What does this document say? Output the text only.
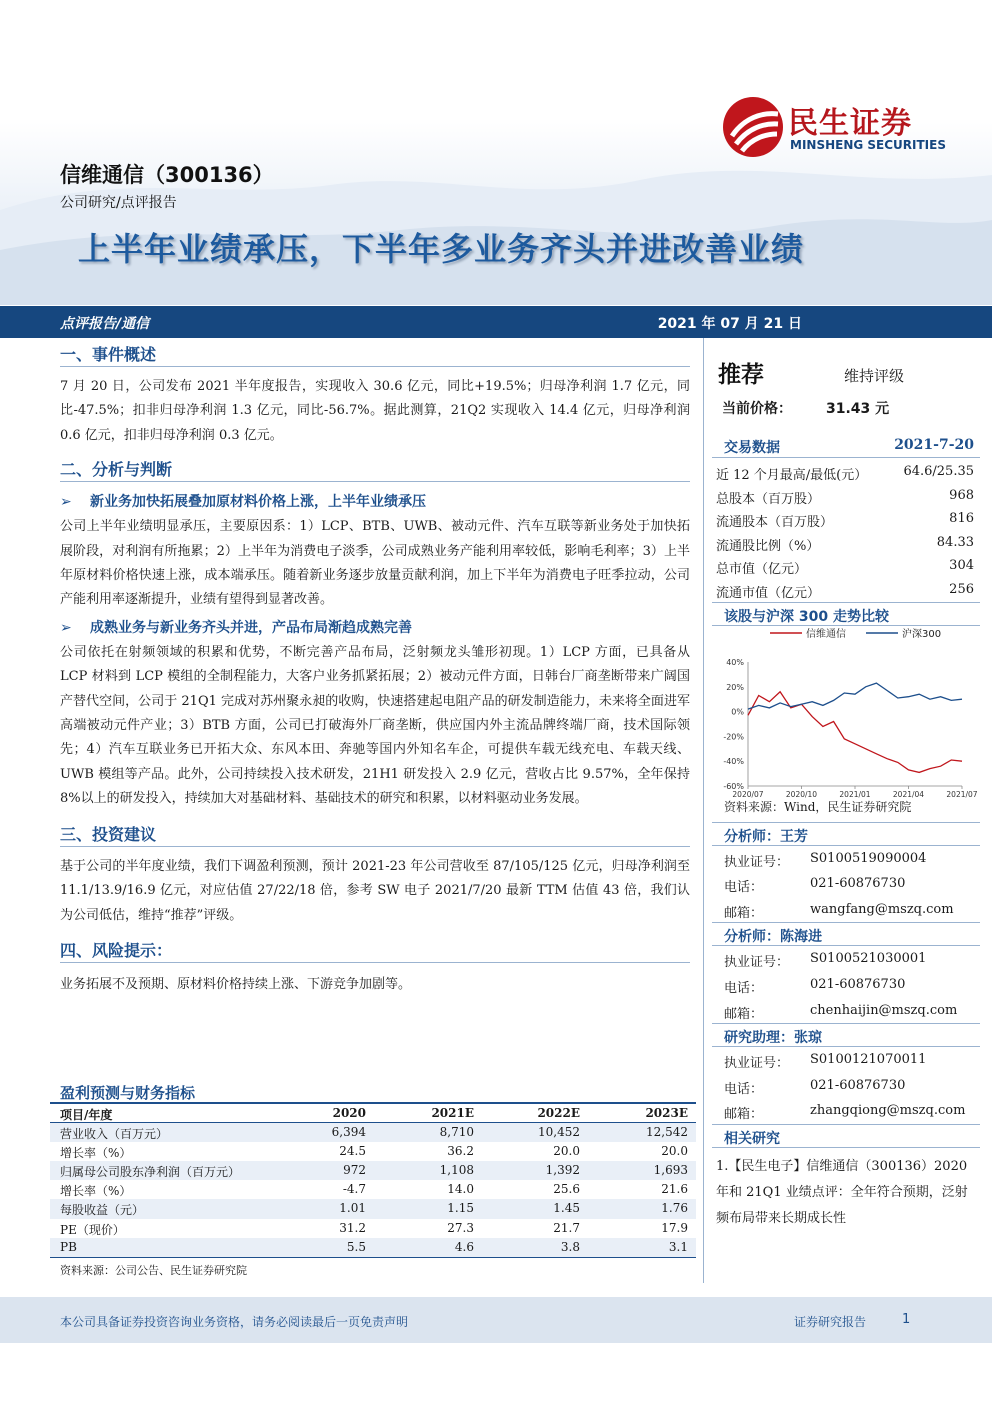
民生证券
MINSHENG SECURITIES
信维通信（300136）
公司研究/点评报告
上半年业绩承压，下半年多业务齐头并进改善业绩
点评报告/通信	2021 年 07 月 21 日
一、事件概述
7 月 20 日，公司发布 2021 半年度报告，实现收入 30.6 亿元，同比+19.5%；归母净利润 1.7 亿元，同比-47.5%；扣非归母净利润 1.3 亿元，同比-56.7%。据此测算，21Q2 实现收入 14.4 亿元，归母净利润 0.6 亿元，扣非归母净利润 0.3 亿元。
二、分析与判断
➢ 新业务加快拓展叠加原材料价格上涨，上半年业绩承压
公司上半年业绩明显承压，主要原因系：1）LCP、BTB、UWB、被动元件、汽车互联等新业务处于加快拓展阶段，对利润有所拖累；2）上半年为消费电子淡季，公司成熟业务产能利用率较低，影响毛利率；3）上半年原材料价格快速上涨，成本端承压。随着新业务逐步放量贡献利润，加上下半年为消费电子旺季拉动，公司产能利用率逐渐提升，业绩有望得到显著改善。
➢ 成熟业务与新业务齐头并进，产品布局渐趋成熟完善
公司依托在射频领域的积累和优势，不断完善产品布局，泛射频龙头雏形初现。1）LCP 方面，已具备从 LCP 材料到 LCP 模组的全制程能力，大客户业务抓紧拓展；2）被动元件方面，日韩台厂商垄断带来广阔国产替代空间，公司于 21Q1 完成对苏州聚永昶的收购，快速搭建起电阻产品的研发制造能力，未来将全面进军高端被动元件产业；3）BTB 方面，公司已打破海外厂商垄断，供应国内外主流品牌终端厂商，技术国际领先；4）汽车互联业务已开拓大众、东风本田、奔驰等国内外知名车企，可提供车载无线充电、车载天线、UWB 模组等产品。此外，公司持续投入技术研发，21H1 研发投入 2.9 亿元，营收占比 9.57%，全年保持 8%以上的研发投入，持续加大对基础材料、基础技术的研究和积累，以材料驱动业务发展。
三、投资建议
基于公司的半年度业绩，我们下调盈利预测，预计 2021-23 年公司营收至 87/105/125 亿元，归母净利润至 11.1/13.9/16.9 亿元，对应估值 27/22/18 倍，参考 SW 电子 2021/7/20 最新 TTM 估值 43 倍，我们认为公司低估，维持“推荐”评级。
四、风险提示：
业务拓展不及预期、原材料价格持续上涨、下游竞争加剧等。
推荐	维持评级
当前价格： 31.43 元
交易数据	2021-7-20
近 12 个月最高/最低(元）	64.6/25.35
总股本（百万股）	968
流通股本（百万股）	816
流通股比例（%）	84.33
总市值（亿元）	304
流通市值（亿元）	256
该股与沪深 300 走势比较
40%
20%
0%
-20%
-40%
-60%
2020/07	2020/10	2021/01	2021/04	2021/07
信维通信	沪深300
资料来源：Wind，民生证券研究院
分析师：王芳
执业证号： S0100519090004
电话：	021-60876730
邮箱：	wangfang@mszq.com
分析师：陈海进
执业证号： S0100521030001
电话：	021-60876730
邮箱：	chenhaijin@mszq.com
研究助理：张琼
执业证号： S0100121070011
电话：	021-60876730
邮箱：	zhangqiong@mszq.com
相关研究
1.【民生电子】信维通信（300136）2020 年和 21Q1 业绩点评：全年符合预期，泛射频布局带来长期成长性
盈利预测与财务指标
项目/年度	2020	2021E	2022E	2023E
营业收入（百万元）	6,394	8,710	10,452	12,542
增长率（%）	24.5	36.2	20.0	20.0
归属母公司股东净利润（百万元）	972	1,108	1,392	1,693
增长率（%）	-4.7	14.0	25.6	21.6
每股收益（元）	1.01	1.15	1.45	1.76
PE（现价）	31.2	27.3	21.7	17.9
PB	5.5	4.6	3.8	3.1
资料来源：公司公告、民生证券研究院
本公司具备证券投资咨询业务资格，请务必阅读最后一页免责声明	证券研究报告	1
